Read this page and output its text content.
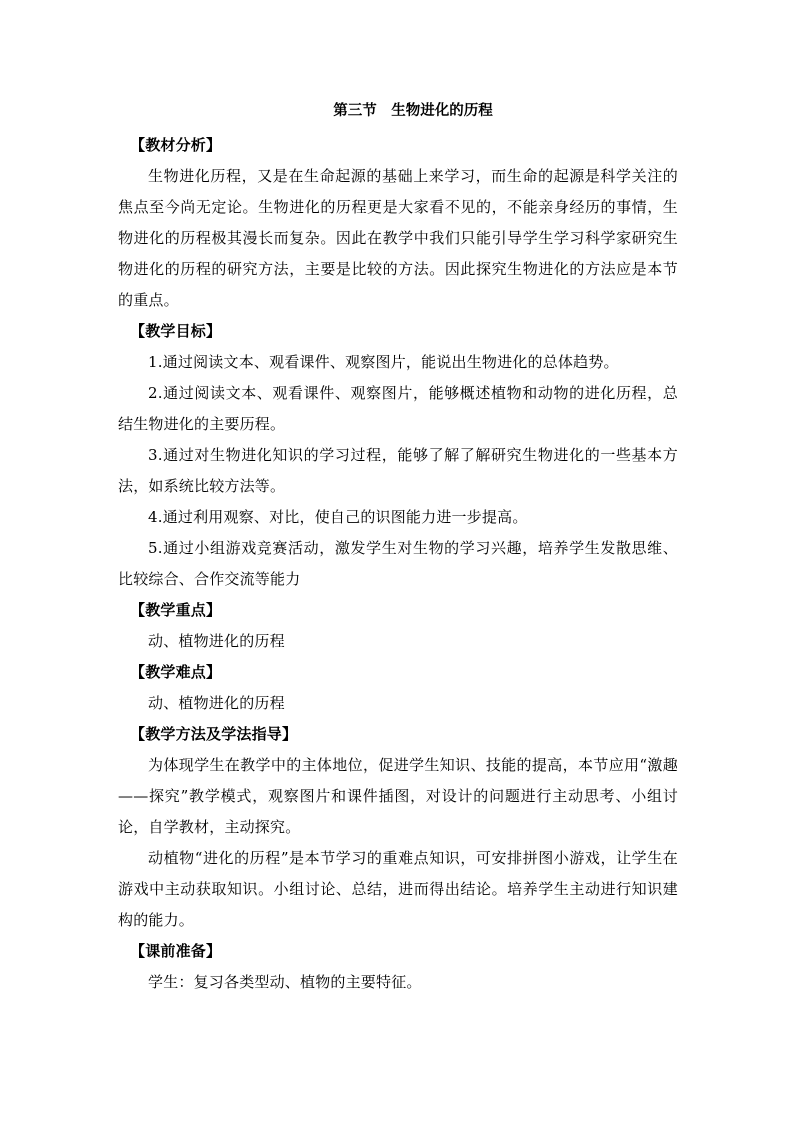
第三节　生物进化的历程

【教材分析】

生物进化历程，又是在生命起源的基础上来学习，而生命的起源是科学关注的焦点至今尚无定论。生物进化的历程更是大家看不见的，不能亲身经历的事情，生物进化的历程极其漫长而复杂。因此在教学中我们只能引导学生学习科学家研究生物进化的历程的研究方法，主要是比较的方法。因此探究生物进化的方法应是本节的重点。

【教学目标】

1.通过阅读文本、观看课件、观察图片，能说出生物进化的总体趋势。

2.通过阅读文本、观看课件、观察图片，能够概述植物和动物的进化历程，总结生物进化的主要历程。

3.通过对生物进化知识的学习过程，能够了解了解研究生物进化的一些基本方法，如系统比较方法等。

4.通过利用观察、对比，使自己的识图能力进一步提高。

5.通过小组游戏竞赛活动，激发学生对生物的学习兴趣，培养学生发散思维、比较综合、合作交流等能力

【教学重点】

动、植物进化的历程

【教学难点】

动、植物进化的历程

【教学方法及学法指导】

为体现学生在教学中的主体地位，促进学生知识、技能的提高，本节应用“激趣——探究”教学模式，观察图片和课件插图，对设计的问题进行主动思考、小组讨论，自学教材，主动探究。

动植物“进化的历程”是本节学习的重难点知识，可安排拼图小游戏，让学生在游戏中主动获取知识。小组讨论、总结，进而得出结论。培养学生主动进行知识建构的能力。

【课前准备】

学生：复习各类型动、植物的主要特征。
